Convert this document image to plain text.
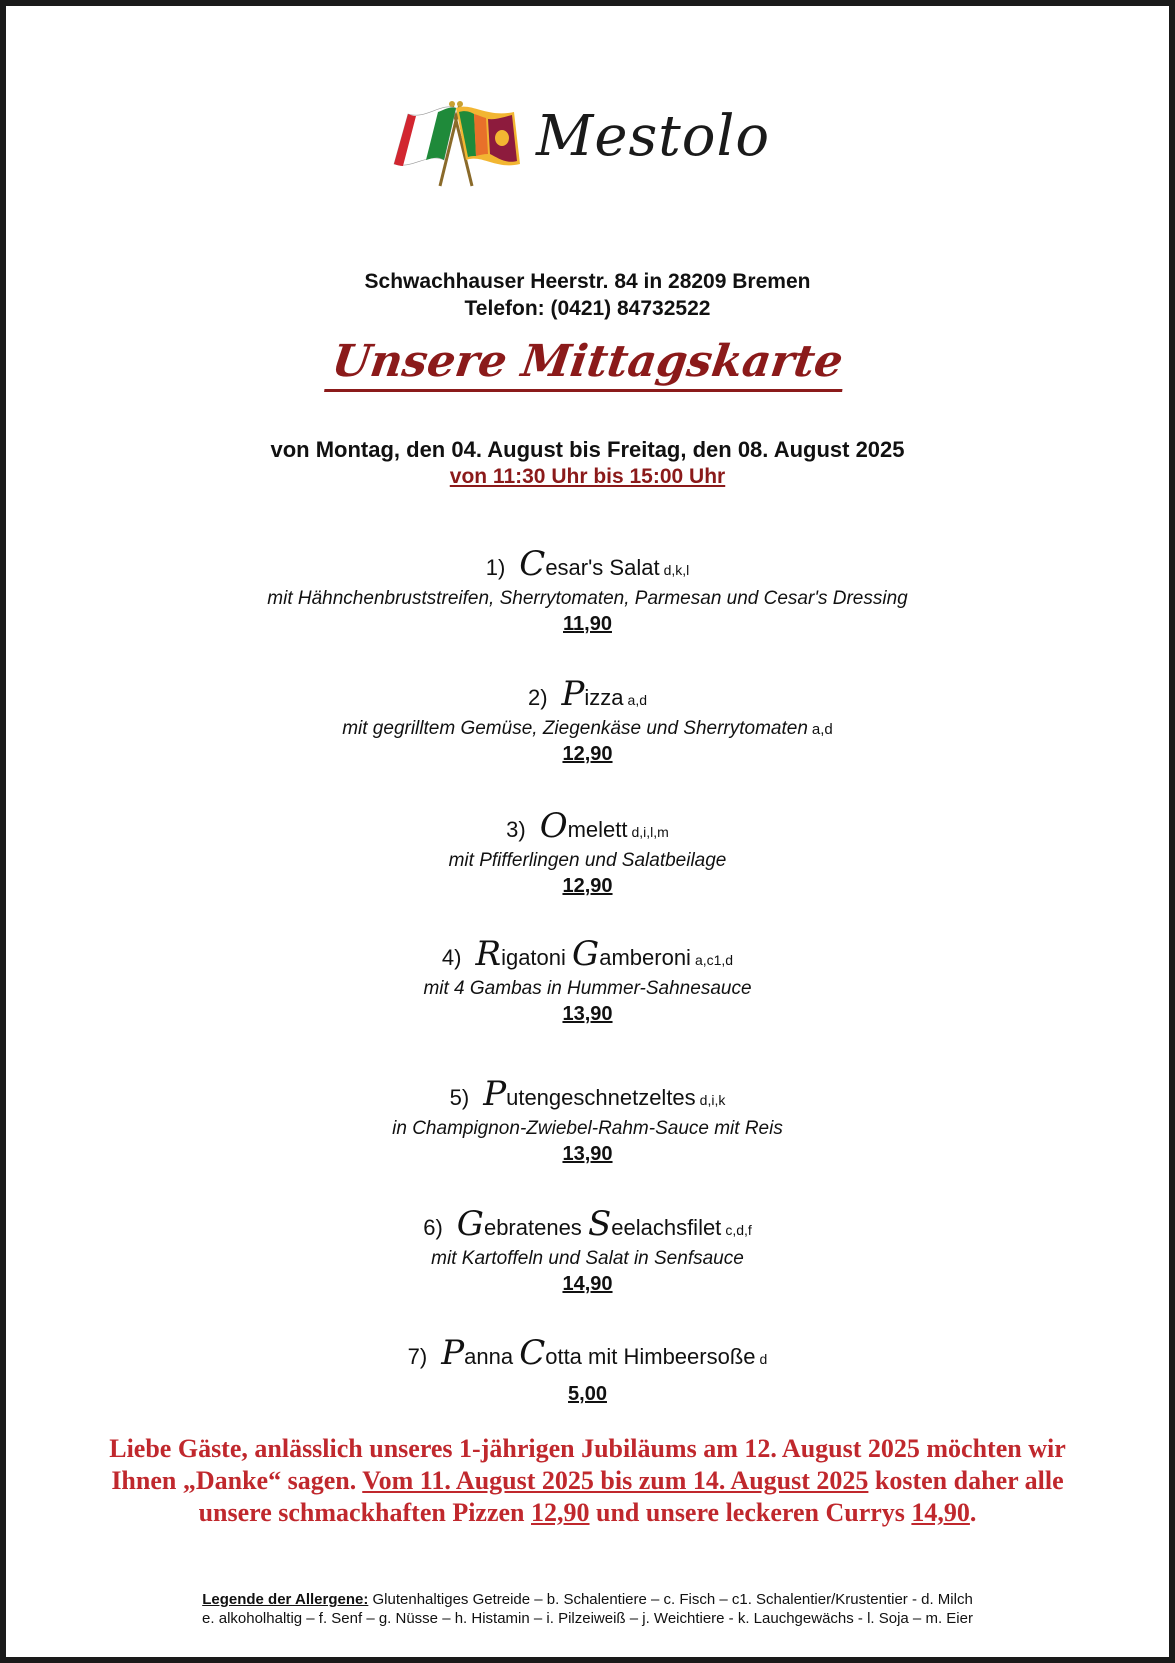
Mestolo
Schwachhauser Heerstr. 84 in 28209 Bremen
Telefon: (0421) 84732522
Unsere Mittagskarte
von Montag, den 04. August bis Freitag, den 08. August 2025
von 11:30 Uhr bis 15:00 Uhr
1) Cesar's Salat d,k,l
mit Hähnchenbruststreifen, Sherrytomaten, Parmesan und Cesar's Dressing
11,90
2) Pizza a,d
mit gegrilltem Gemüse, Ziegenkäse und Sherrytomaten a,d
12,90
3) Omelett d,i,l,m
mit Pfifferlingen und Salatbeilage
12,90
4) Rigatoni Gamberoni a,c1,d
mit 4 Gambas in Hummer-Sahnesauce
13,90
5) Putengeschnetzeltes d,i,k
in Champignon-Zwiebel-Rahm-Sauce mit Reis
13,90
6) Gebratenes Seelachsfilet c,d,f
mit Kartoffeln und Salat in Senfsauce
14,90
7) Panna Cotta mit Himbeersoße d
5,00
Liebe Gäste, anlässlich unseres 1-jährigen Jubiläums am 12. August 2025 möchten wir Ihnen „Danke“ sagen. Vom 11. August 2025 bis zum 14. August 2025 kosten daher alle unsere schmackhaften Pizzen 12,90 und unsere leckeren Currys 14,90.
Legende der Allergene: Glutenhaltiges Getreide – b. Schalentiere – c. Fisch – c1. Schalentier/Krustentier - d. Milch
e. alkoholhaltig – f. Senf – g. Nüsse – h. Histamin – i. Pilzeiweiß – j. Weichtiere - k. Lauchgewächs - l. Soja – m. Eier
